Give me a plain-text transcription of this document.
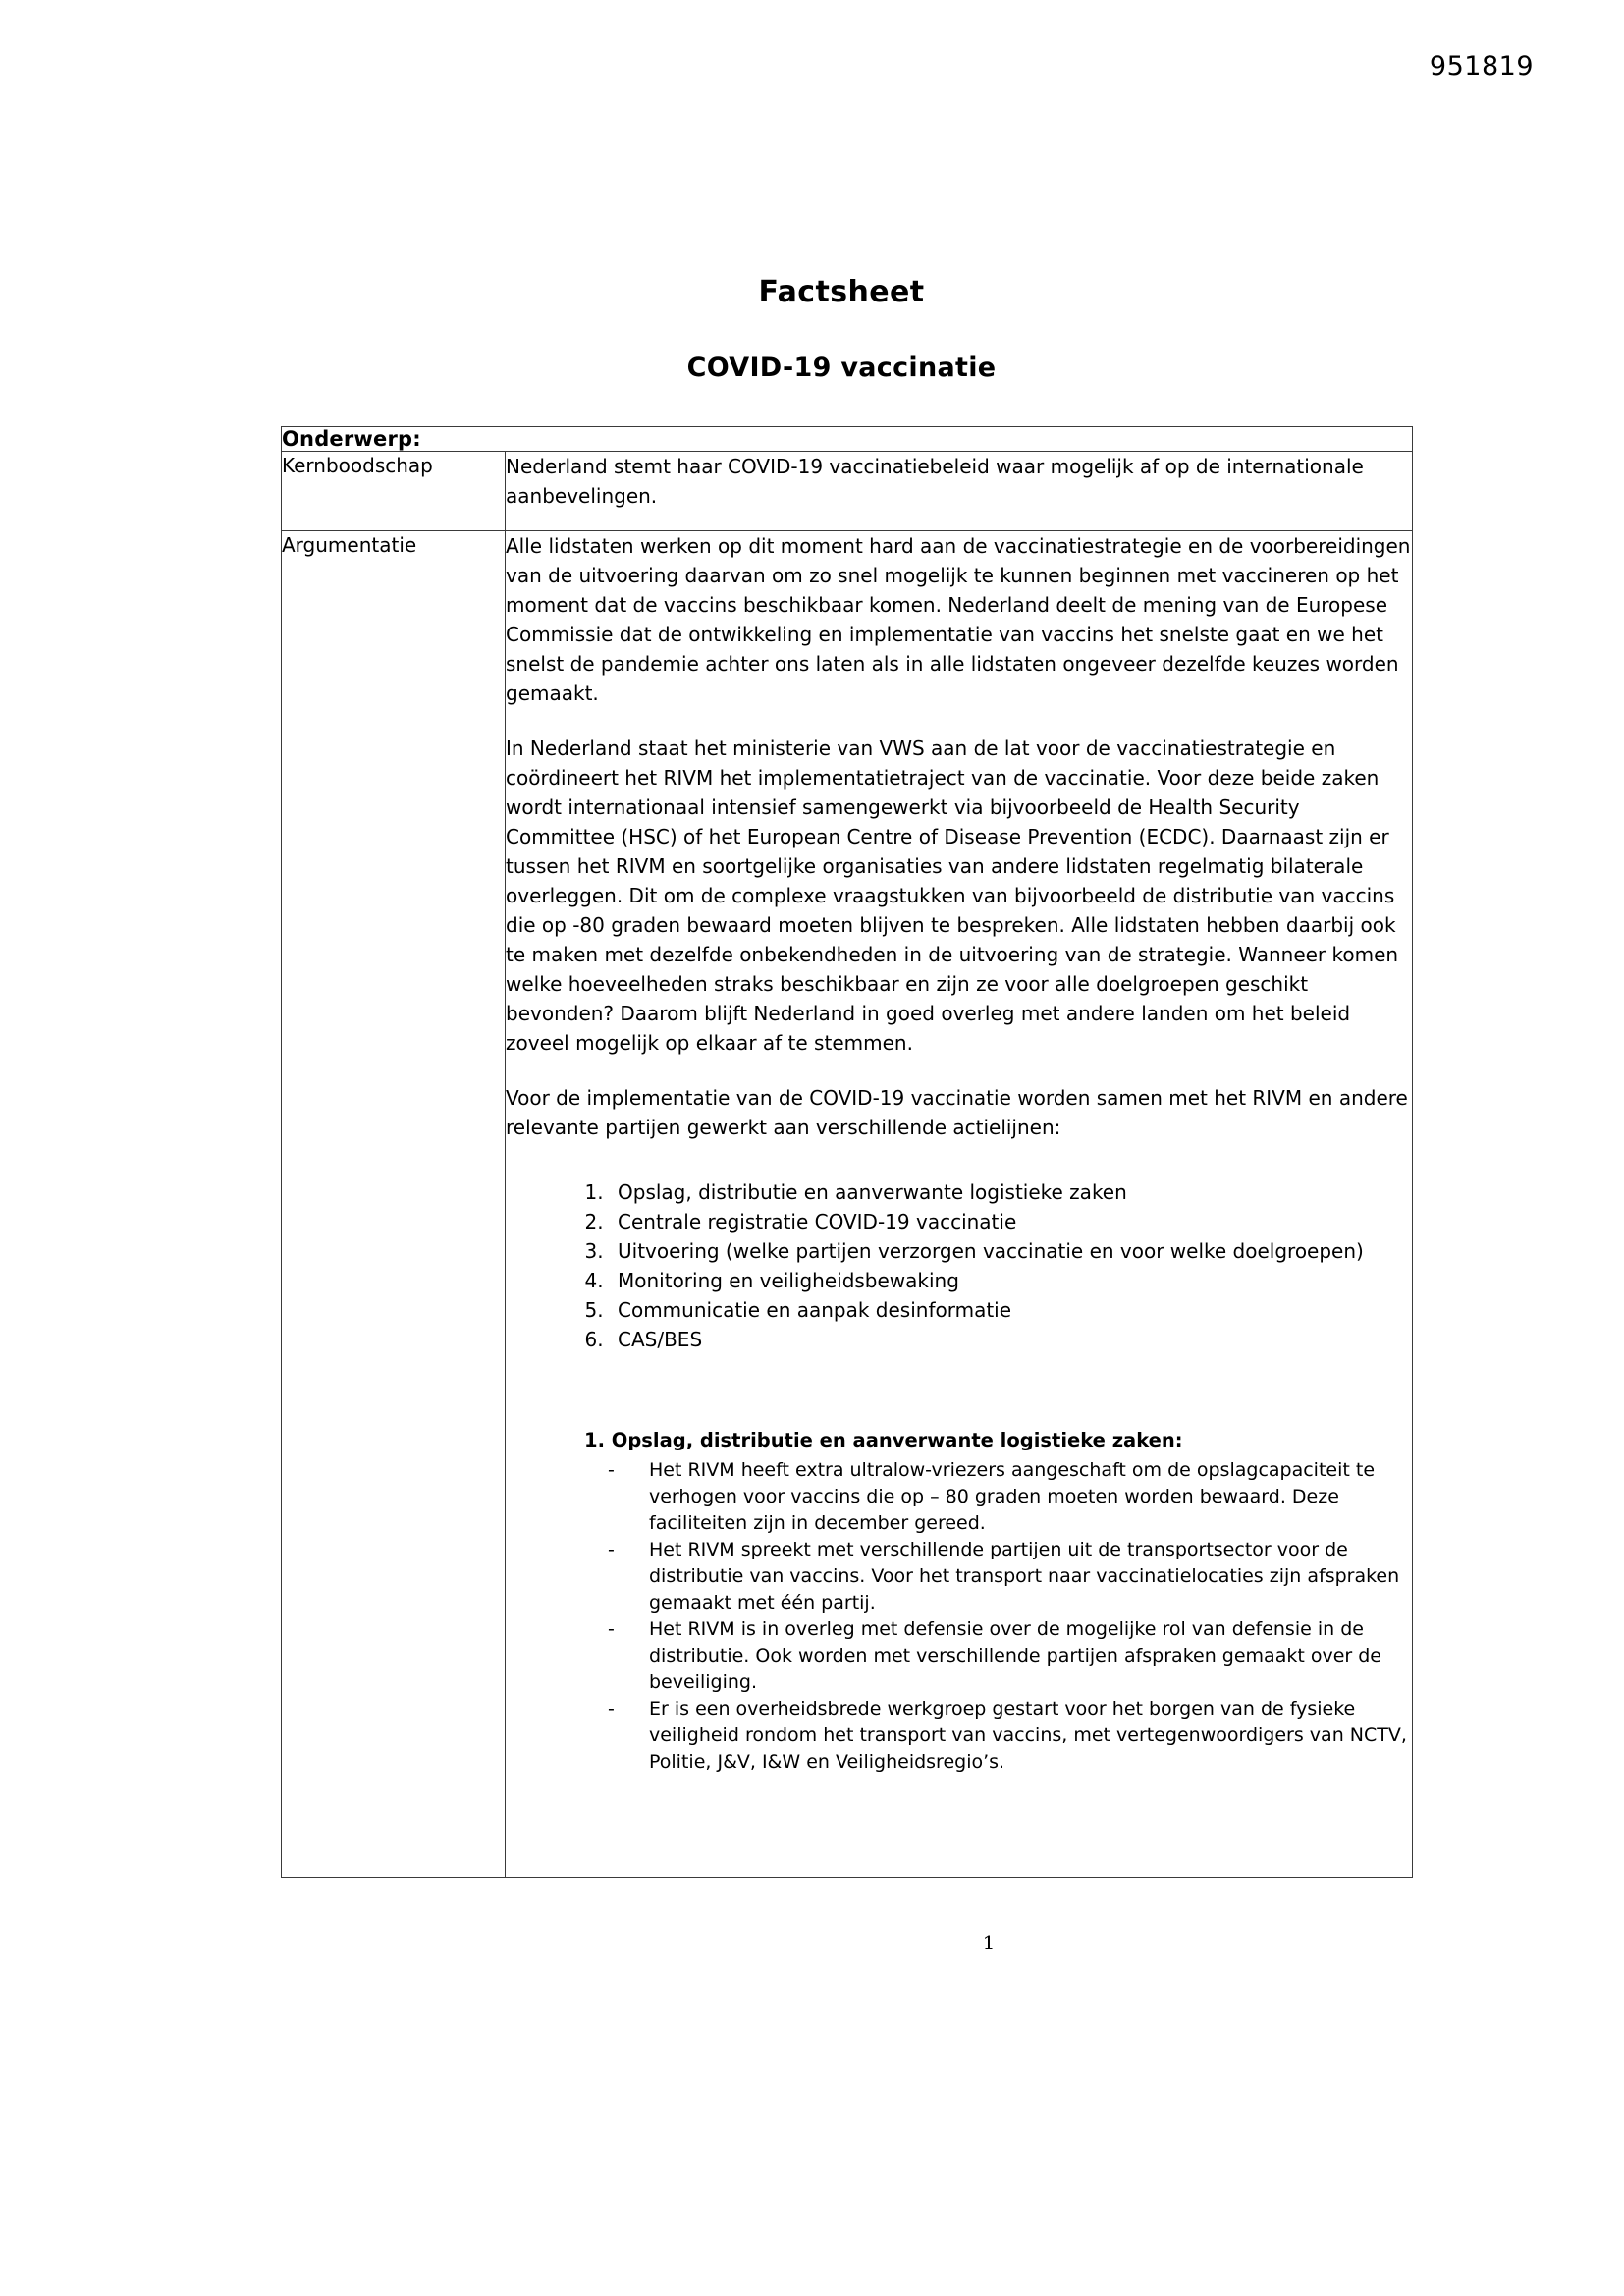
951819
Factsheet
COVID-19 vaccinatie
Onderwerp:	
Kernboodschap	Nederland stemt haar COVID-19 vaccinatiebeleid waar mogelijk af op de internationale aanbevelingen.

Argumentatie	Alle lidstaten werken op dit moment hard aan de vaccinatiestrategie en de voorbereidingen van de uitvoering daarvan om zo snel mogelijk te kunnen beginnen met vaccineren op het moment dat de vaccins beschikbaar komen. Nederland deelt de mening van de Europese Commissie dat de ontwikkeling en implementatie van vaccins het snelste gaat en we het snelst de pandemie achter ons laten als in alle lidstaten ongeveer dezelfde keuzes worden gemaakt.

In Nederland staat het ministerie van VWS aan de lat voor de vaccinatiestrategie en coördineert het RIVM het implementatietraject van de vaccinatie. Voor deze beide zaken wordt internationaal intensief samengewerkt via bijvoorbeeld de Health Security Committee (HSC) of het European Centre of Disease Prevention (ECDC). Daarnaast zijn er tussen het RIVM en soortgelijke organisaties van andere lidstaten regelmatig bilaterale overleggen. Dit om de complexe vraagstukken van bijvoorbeeld de distributie van vaccins die op -80 graden bewaard moeten blijven te bespreken. Alle lidstaten hebben daarbij ook te maken met dezelfde onbekendheden in de uitvoering van de strategie. Wanneer komen welke hoeveelheden straks beschikbaar en zijn ze voor alle doelgroepen geschikt bevonden? Daarom blijft Nederland in goed overleg met andere landen om het beleid zoveel mogelijk op elkaar af te stemmen.

Voor de implementatie van de COVID-19 vaccinatie worden samen met het RIVM en andere relevante partijen gewerkt aan verschillende actielijnen:

1. Opslag, distributie en aanverwante logistieke zaken
2. Centrale registratie COVID-19 vaccinatie
3. Uitvoering (welke partijen verzorgen vaccinatie en voor welke doelgroepen)
4. Monitoring en veiligheidsbewaking
5. Communicatie en aanpak desinformatie
6. CAS/BES
1. Opslag, distributie en aanverwante logistieke zaken:
- Het RIVM heeft extra ultralow-vriezers aangeschaft om de opslagcapaciteit te verhogen voor vaccins die op – 80 graden moeten worden bewaard. Deze faciliteiten zijn in december gereed.
- Het RIVM spreekt met verschillende partijen uit de transportsector voor de distributie van vaccins. Voor het transport naar vaccinatielocaties zijn afspraken gemaakt met één partij.
- Het RIVM is in overleg met defensie over de mogelijke rol van defensie in de distributie. Ook worden met verschillende partijen afspraken gemaakt over de beveiliging.
- Er is een overheidsbrede werkgroep gestart voor het borgen van de fysieke veiligheid rondom het transport van vaccins, met vertegenwoordigers van NCTV, Politie, J&V, I&W en Veiligheidsregio’s.
1
